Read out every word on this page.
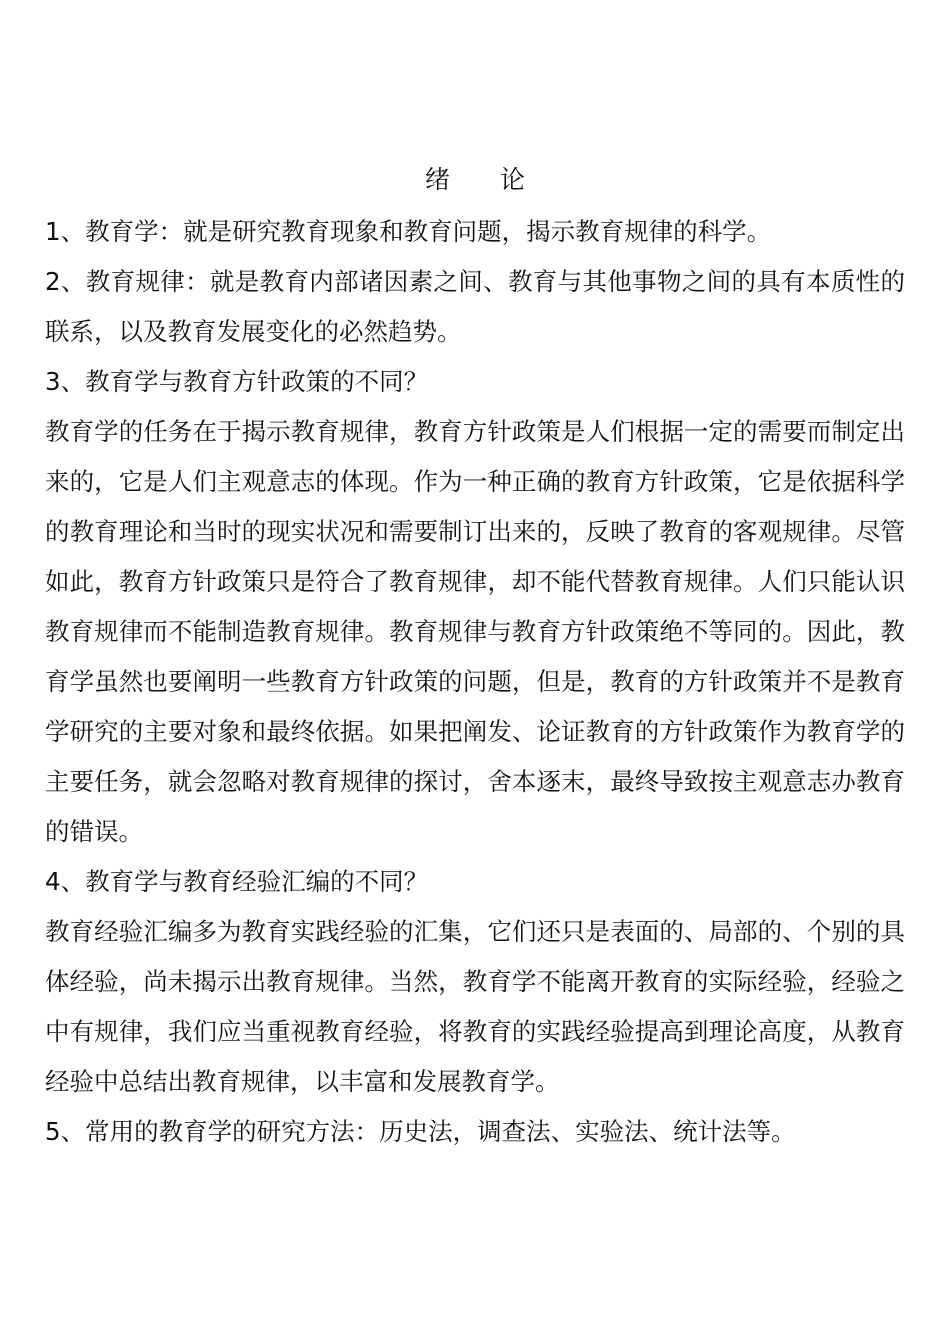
绪　　论

1、教育学：就是研究教育现象和教育问题，揭示教育规律的科学。

2、教育规律：就是教育内部诸因素之间、教育与其他事物之间的具有本质性的联系，以及教育发展变化的必然趋势。

3、教育学与教育方针政策的不同？

教育学的任务在于揭示教育规律，教育方针政策是人们根据一定的需要而制定出来的，它是人们主观意志的体现。作为一种正确的教育方针政策，它是依据科学的教育理论和当时的现实状况和需要制订出来的，反映了教育的客观规律。尽管如此，教育方针政策只是符合了教育规律，却不能代替教育规律。人们只能认识教育规律而不能制造教育规律。教育规律与教育方针政策绝不等同的。因此，教育学虽然也要阐明一些教育方针政策的问题，但是，教育的方针政策并不是教育学研究的主要对象和最终依据。如果把阐发、论证教育的方针政策作为教育学的主要任务，就会忽略对教育规律的探讨，舍本逐末，最终导致按主观意志办教育的错误。

4、教育学与教育经验汇编的不同？

教育经验汇编多为教育实践经验的汇集，它们还只是表面的、局部的、个别的具体经验，尚未揭示出教育规律。当然，教育学不能离开教育的实际经验，经验之中有规律，我们应当重视教育经验，将教育的实践经验提高到理论高度，从教育经验中总结出教育规律，以丰富和发展教育学。

5、常用的教育学的研究方法：历史法，调查法、实验法、统计法等。
